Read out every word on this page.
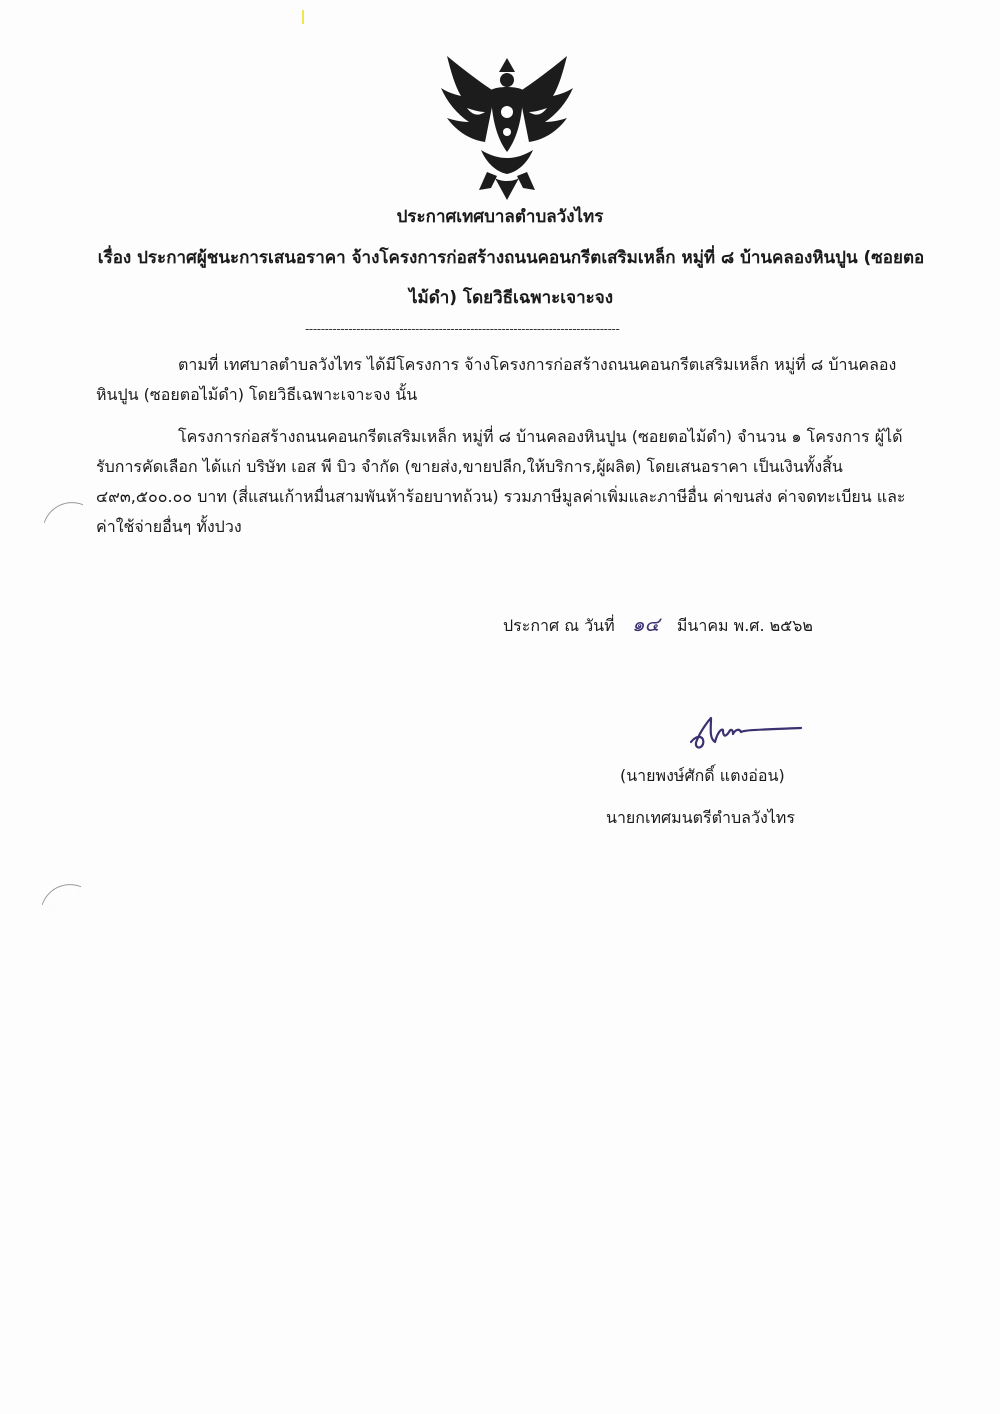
ประกาศเทศบาลตำบลวังไทร
เรื่อง ประกาศผู้ชนะการเสนอราคา จ้างโครงการก่อสร้างถนนคอนกรีตเสริมเหล็ก หมู่ที่ ๘ บ้านคลองหินปูน (ซอยตอไม้ดำ) โดยวิธีเฉพาะเจาะจง
--------------------------------------------------------------------------------

ตามที่ เทศบาลตำบลวังไทร ได้มีโครงการ จ้างโครงการก่อสร้างถนนคอนกรีตเสริมเหล็ก หมู่ที่ ๘ บ้านคลองหินปูน (ซอยตอไม้ดำ) โดยวิธีเฉพาะเจาะจง นั้น

โครงการก่อสร้างถนนคอนกรีตเสริมเหล็ก หมู่ที่ ๘ บ้านคลองหินปูน (ซอยตอไม้ดำ) จำนวน ๑ โครงการ ผู้ได้รับการคัดเลือก ได้แก่ บริษัท เอส พี บิว จำกัด (ขายส่ง,ขายปลีก,ให้บริการ,ผู้ผลิต) โดยเสนอราคา เป็นเงินทั้งสิ้น ๔๙๓,๕๐๐.๐๐ บาท (สี่แสนเก้าหมื่นสามพันห้าร้อยบาทถ้วน) รวมภาษีมูลค่าเพิ่มและภาษีอื่น ค่าขนส่ง ค่าจดทะเบียน และค่าใช้จ่ายอื่นๆ ทั้งปวง

ประกาศ ณ วันที่ ๑๔ มีนาคม พ.ศ. ๒๕๖๒
(นายพงษ์ศักดิ์ แตงอ่อน)
นายกเทศมนตรีตำบลวังไทร
